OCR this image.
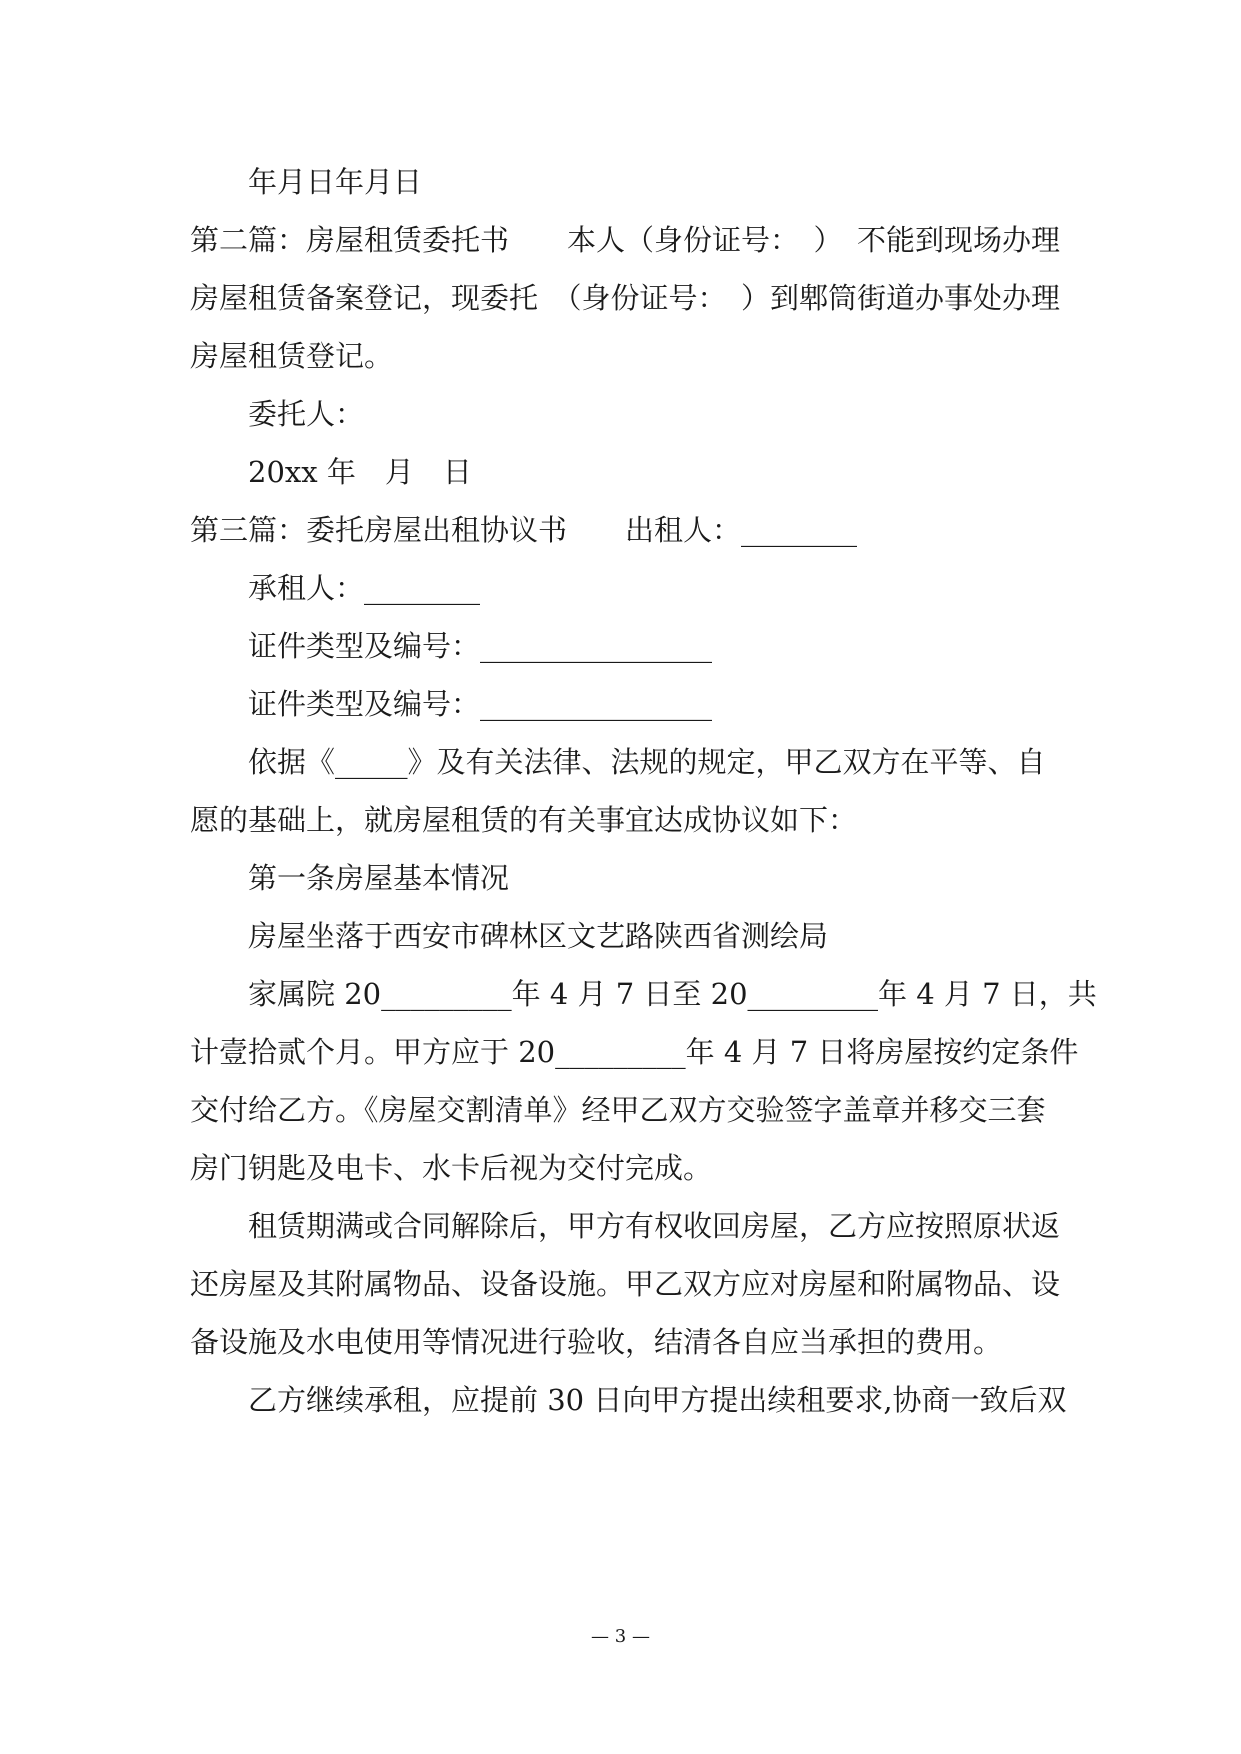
年月日年月日
第二篇：房屋租赁委托书　　本人（身份证号：　）　不能到现场办理
房屋租赁备案登记，现委托　（身份证号：　）到郫筒街道办事处办理
房屋租赁登记。
委托人：
20xx 年　月　日
第三篇：委托房屋出租协议书　　出租人：________
承租人：________
证件类型及编号：________________
证件类型及编号：________________
依据《_____》及有关法律、法规的规定，甲乙双方在平等、自
愿的基础上，就房屋租赁的有关事宜达成协议如下：
第一条房屋基本情况
房屋坐落于西安市碑林区文艺路陕西省测绘局
家属院 20_________年 4 月 7 日至 20_________年 4 月 7 日，共
计壹拾贰个月。甲方应于 20_________年 4 月 7 日将房屋按约定条件
交付给乙方。《房屋交割清单》经甲乙双方交验签字盖章并移交三套
房门钥匙及电卡、水卡后视为交付完成。
租赁期满或合同解除后，甲方有权收回房屋，乙方应按照原状返
还房屋及其附属物品、设备设施。甲乙双方应对房屋和附属物品、设
备设施及水电使用等情况进行验收，结清各自应当承担的费用。
乙方继续承租，应提前 30 日向甲方提出续租要求,协商一致后双
— 3 —
